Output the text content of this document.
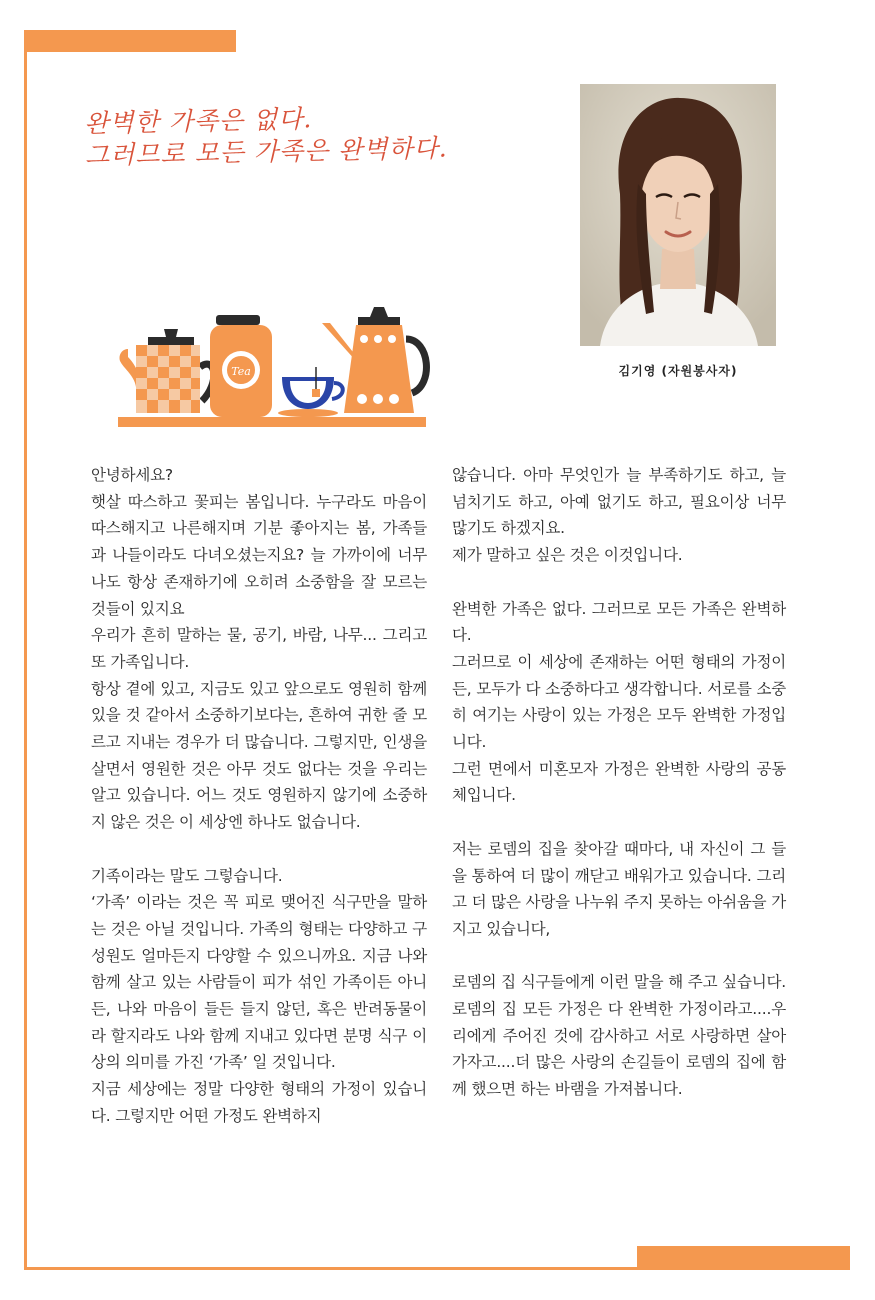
완벽한 가족은 없다.
그러므로 모든 가족은 완벽하다.
김기영 (자원봉사자)
Tea

안녕하세요?

햇살 따스하고 꽃피는 봄입니다. 누구라도 마음이 따스해지고 나른해지며 기분 좋아지는 봄, 가족들과 나들이라도 다녀오셨는지요? 늘 가까이에 너무나도 항상 존재하기에 오히려 소중함을 잘 모르는 것들이 있지요

우리가 흔히 말하는 물, 공기, 바람, 나무... 그리고 또 가족입니다.

항상 곁에 있고, 지금도 있고 앞으로도 영원히 함께 있을 것 같아서 소중하기보다는, 흔하여 귀한 줄 모르고 지내는 경우가 더 많습니다. 그렇지만, 인생을 살면서 영원한 것은 아무 것도 없다는 것을 우리는 알고 있습니다. 어느 것도 영원하지 않기에 소중하지 않은 것은 이 세상엔 하나도 없습니다.

기족이라는 말도 그렇습니다.

‘가족’ 이라는 것은 꼭 피로 맺어진 식구만을 말하는 것은 아닐 것입니다. 가족의 형태는 다양하고 구성원도 얼마든지 다양할 수 있으니까요. 지금 나와 함께 살고 있는 사람들이 피가 섞인 가족이든 아니든, 나와 마음이 들든 들지 않던, 혹은 반려동물이라 할지라도 나와 함께 지내고 있다면 분명 식구 이상의 의미를 가진 ‘가족’ 일 것입니다.

지금 세상에는 정말 다양한 형태의 가정이 있습니다. 그렇지만 어떤 가정도 완벽하지

않습니다. 아마 무엇인가 늘 부족하기도 하고, 늘 넘치기도 하고, 아예 없기도 하고, 필요이상 너무 많기도 하겠지요.

제가 말하고 싶은 것은 이것입니다.

완벽한 가족은 없다. 그러므로 모든 가족은 완벽하다.

그러므로 이 세상에 존재하는 어떤 형태의 가정이든, 모두가 다 소중하다고 생각합니다. 서로를 소중히 여기는 사랑이 있는 가정은 모두 완벽한 가정입니다.

그런 면에서 미혼모자 가정은 완벽한 사랑의 공동체입니다.

저는 로뎀의 집을 찾아갈 때마다, 내 자신이 그 들을 통하여 더 많이 깨닫고 배워가고 있습니다. 그리고 더 많은 사랑을 나누워 주지 못하는 아쉬움을 가지고 있습니다,

로뎀의 집 식구들에게 이런 말을 해 주고 싶습니다. 로뎀의 집 모든 가정은 다 완벽한 가정이라고....우리에게 주어진 것에 감사하고 서로 사랑하면 살아가자고....더 많은 사랑의 손길들이 로뎀의 집에 함께 했으면 하는 바램을 가져봅니다.
